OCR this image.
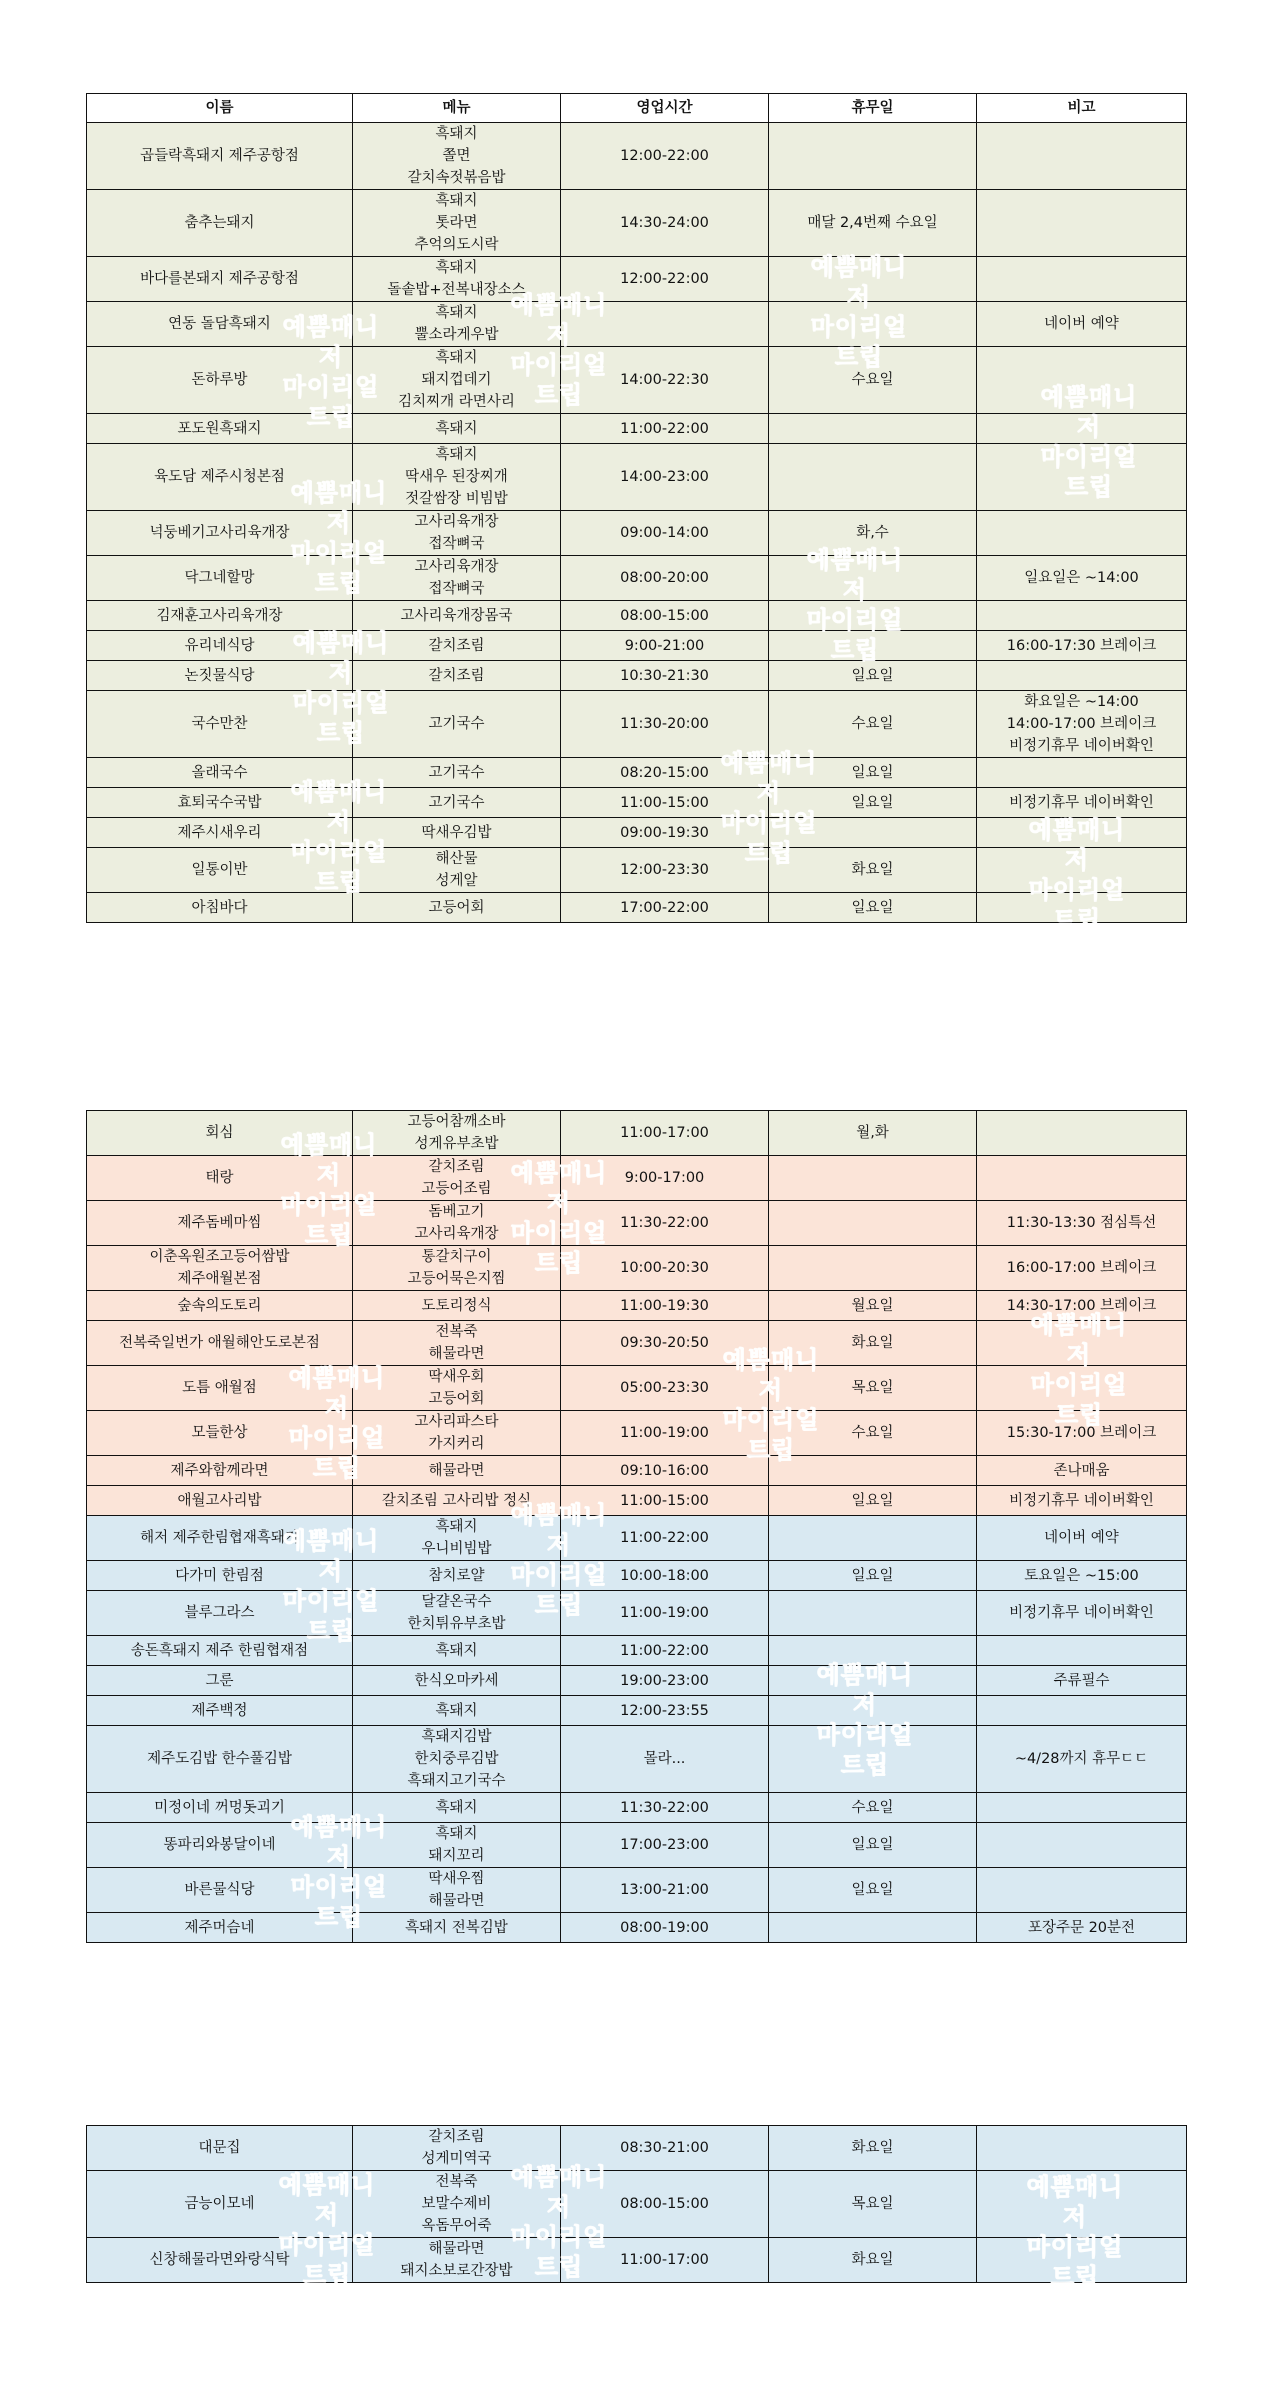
이름	메뉴	영업시간	휴무일	비고
곱들락흑돼지 제주공항점	흑돼지
쫄면
갈치속젓볶음밥	12:00-22:00		
춤추는돼지	흑돼지
톳라면
추억의도시락	14:30-24:00	매달 2,4번째 수요일	
바다를본돼지 제주공항점	흑돼지
돌솥밥+전복내장소스	12:00-22:00		
연동 돌담흑돼지	흑돼지
뿔소라게우밥			네이버 예약

돈하루방	흑돼지
돼지껍데기
김치찌개 라면사리	14:00-22:30	수요일	
포도원흑돼지	흑돼지	11:00-22:00		
육도담 제주시청본점	흑돼지
딱새우 된장찌개
젓갈쌈장 비빔밥	14:00-23:00		
넉둥베기고사리육개장	고사리육개장
접작뼈국	09:00-14:00	화,수	
닥그네할망	고사리육개장
접작뼈국	08:00-20:00		일요일은 ~14:00

김재훈고사리육개장	고사리육개장몸국	08:00-15:00		
유리네식당	갈치조림	9:00-21:00		16:00-17:30 브레이크

논짓물식당	갈치조림	10:30-21:30	일요일	
국수만찬	고기국수	11:30-20:00	수요일	화요일은 ~14:00
14:00-17:00 브레이크
비정기휴무 네이버확인

올래국수	고기국수	08:20-15:00	일요일	
효퇴국수국밥	고기국수	11:00-15:00	일요일	비정기휴무 네이버확인

제주시새우리	딱새우김밥	09:00-19:30		
일통이반	해산물
성게알	12:00-23:30	화요일	
아침바다	고등어회	17:00-22:00	일요일	
회심	고등어참깨소바
성게유부초밥	11:00-17:00	월,화	
태랑	갈치조림
고등어조림	9:00-17:00		
제주돔베마씸	돔베고기
고사리육개장	11:30-22:00		11:30-13:30 점심특선

이춘옥원조고등어쌈밥
제주애월본점	통갈치구이
고등어묵은지찜	10:00-20:30		16:00-17:00 브레이크

숲속의도토리	도토리정식	11:00-19:30	월요일	14:30-17:00 브레이크

전복죽일번가 애월해안도로본점	전복죽
해물라면	09:30-20:50	화요일	
도틈 애월점	딱새우회
고등어회	05:00-23:30	목요일	
모들한상	고사리파스타
가지커리	11:00-19:00	수요일	15:30-17:00 브레이크

제주와함께라면	해물라면	09:10-16:00		존나매움

애월고사리밥	갈치조림 고사리밥 정식	11:00-15:00	일요일	비정기휴무 네이버확인

해저 제주한림협재흑돼지	흑돼지
우니비빔밥	11:00-22:00		네이버 예약

다가미 한림점	참치로얄	10:00-18:00	일요일	토요일은 ~15:00

블루그라스	달걀온국수
한치튀유부초밥	11:00-19:00		비정기휴무 네이버확인

송돈흑돼지 제주 한림협재점	흑돼지	11:00-22:00		
그룬	한식오마카세	19:00-23:00		주류필수

제주백정	흑돼지	12:00-23:55		
제주도김밥 한수풀김밥	흑돼지김밥
한치중루김밥
흑돼지고기국수	몰라...		~4/28까지 휴무ㄷㄷ

미정이네 꺼멍돗괴기	흑돼지	11:30-22:00	수요일	
똥파리와봉달이네	흑돼지
돼지꼬리	17:00-23:00	일요일	
바른물식당	딱새우찜
해물라면	13:00-21:00	일요일	
제주머슴네	흑돼지 전복김밥	08:00-19:00		포장주문 20분전
대문집	갈치조림
성게미역국	08:30-21:00	화요일	
금능이모네	전복죽
보말수제비
옥돔무어죽	08:00-15:00	목요일	
신창해물라면와랑식탁	해물라면
돼지소보로간장밥	11:00-17:00	화요일	
예쁨매니저
마이리얼트립
예쁨매니저
마이리얼트립
예쁨매니저
마이리얼트립
예쁨매니저
마이리얼트립
예쁨매니저
마이리얼트립
예쁨매니저
마이리얼트립
예쁨매니저
마이리얼트립
예쁨매니저
마이리얼트립
예쁨매니저
마이리얼트립
예쁨매니저
마이리얼트립
예쁨매니저
마이리얼트립
예쁨매니저
마이리얼트립
예쁨매니저
마이리얼트립
예쁨매니저
마이리얼트립
예쁨매니저
마이리얼트립
예쁨매니저
마이리얼트립
예쁨매니저
마이리얼트립
예쁨매니저
마이리얼트립
예쁨매니저
마이리얼트립
예쁨매니저
마이리얼트립
예쁨매니저
마이리얼트립
예쁨매니저
마이리얼트립
